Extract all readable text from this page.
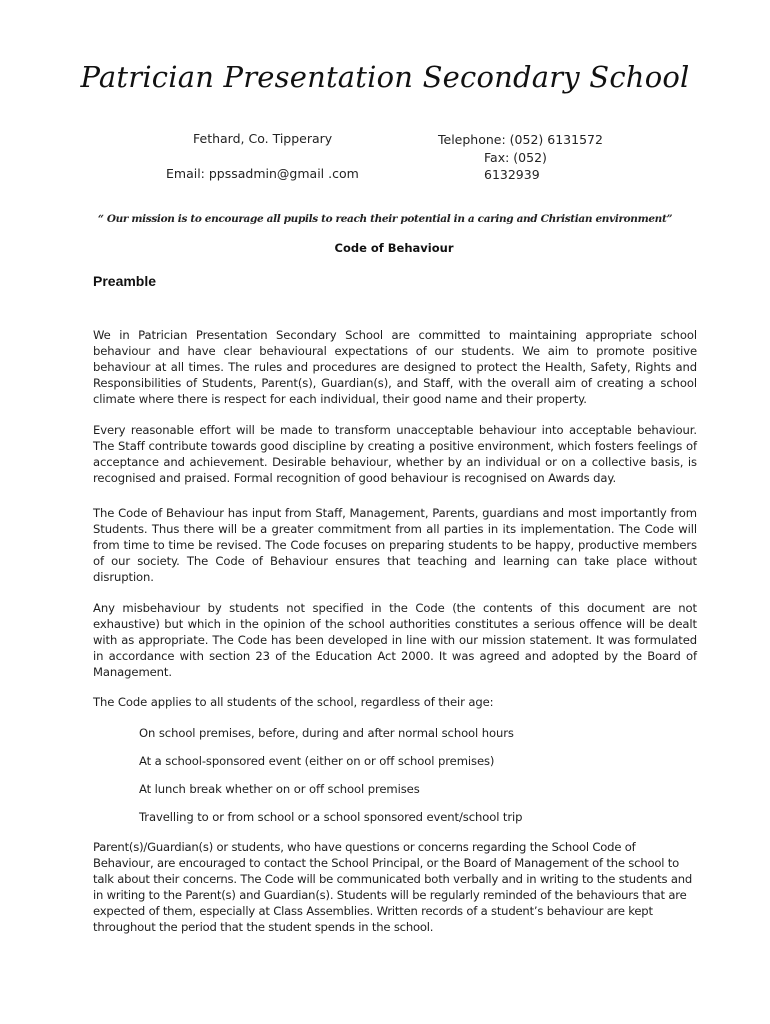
Patrician Presentation Secondary School
Fethard, Co. Tipperary
Email: ppssadmin@gmail .com
Telephone: (052) 6131572
Fax: (052)
6132939
“ Our mission is to encourage all pupils to reach their potential in a caring and Christian environment”
Code of Behaviour
Preamble

We in Patrician Presentation Secondary School are committed to maintaining appropriate school behaviour and have clear behavioural expectations of our students. We aim to promote positive behaviour at all times. The rules and procedures are designed to protect the Health, Safety, Rights and Responsibilities of Students, Parent(s), Guardian(s), and Staff, with the overall aim of creating a school climate where there is respect for each individual, their good name and their property.

Every reasonable effort will be made to transform unacceptable behaviour into acceptable behaviour. The Staff contribute towards good discipline by creating a positive environment, which fosters feelings of acceptance and achievement. Desirable behaviour, whether by an individual or on a collective basis, is recognised and praised. Formal recognition of good behaviour is recognised on Awards day.

The Code of Behaviour has input from Staff, Management, Parents, guardians and most importantly from Students. Thus there will be a greater commitment from all parties in its implementation. The Code will from time to time be revised. The Code focuses on preparing students to be happy, productive members of our society. The Code of Behaviour ensures that teaching and learning can take place without disruption.

Any misbehaviour by students not specified in the Code (the contents of this document are not exhaustive) but which in the opinion of the school authorities constitutes a serious offence will be dealt with as appropriate. The Code has been developed in line with our mission statement. It was formulated in accordance with section 23 of the Education Act 2000. It was agreed and adopted by the Board of Management.

The Code applies to all students of the school, regardless of their age:

On school premises, before, during and after normal school hours
At a school-sponsored event (either on or off school premises)
At lunch break whether on or off school premises
Travelling to or from school or a school sponsored event/school trip

Parent(s)/Guardian(s) or students, who have questions or concerns regarding the School Code of Behaviour, are encouraged to contact the School Principal, or the Board of Management of the school to talk about their concerns. The Code will be communicated both verbally and in writing to the students and in writing to the Parent(s) and Guardian(s). Students will be regularly reminded of the behaviours that are expected of them, especially at Class Assemblies. Written records of a student’s behaviour are kept throughout the period that the student spends in the school.
